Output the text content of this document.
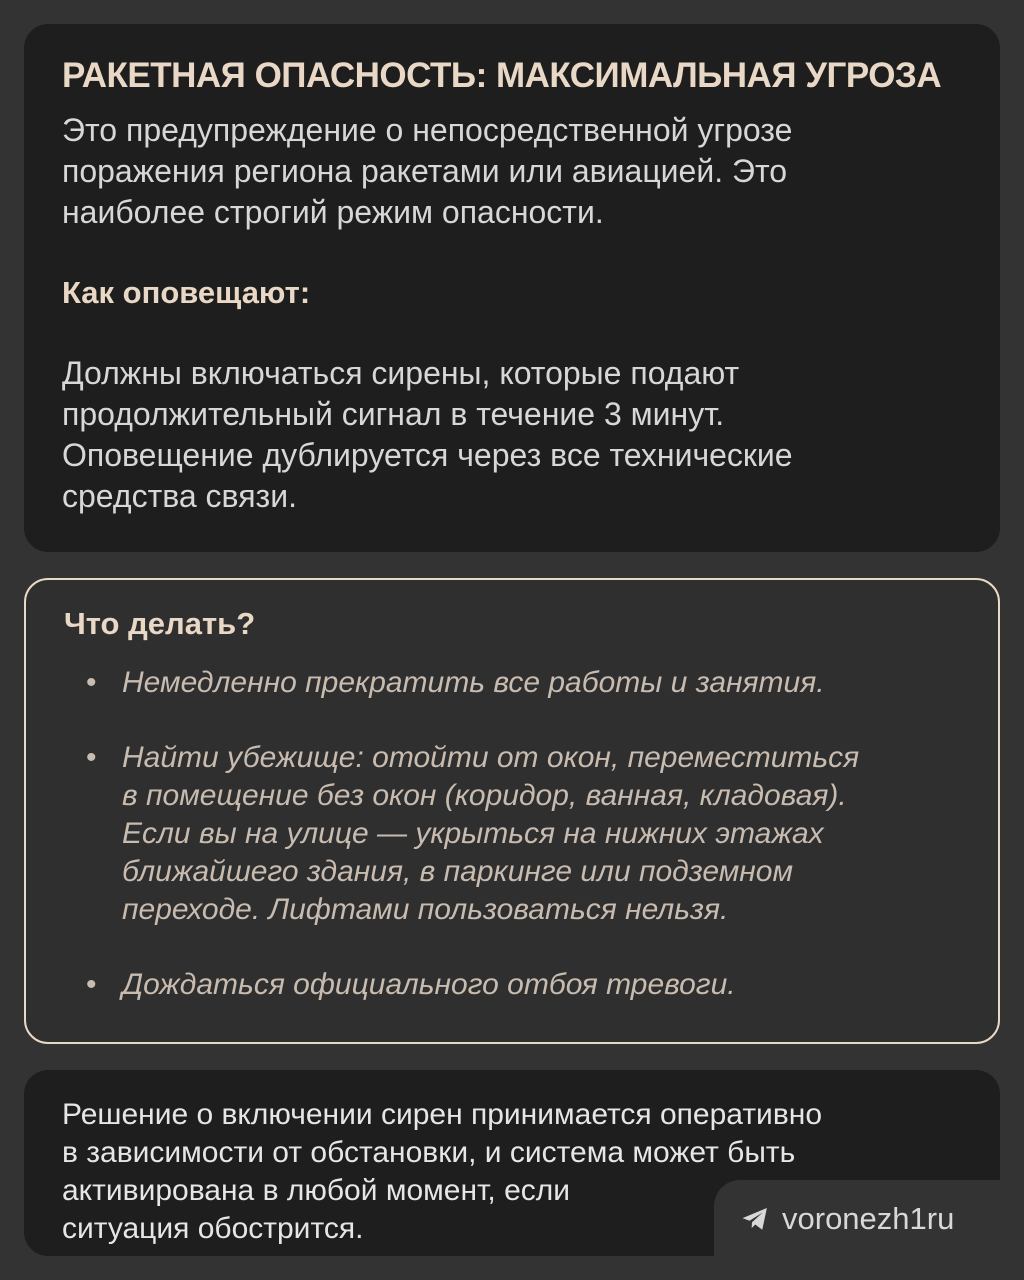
РАКЕТНАЯ ОПАСНОСТЬ: МАКСИМАЛЬНАЯ УГРОЗА

Это предупреждение о непосредственной угрозе
поражения региона ракетами или авиацией. Это
наиболее строгий режим опасности.

Как оповещают:

Должны включаться сирены, которые подают
продолжительный сигнал в течение 3 минут.
Оповещение дублируется через все технические
средства связи.

Что делать?
• Немедленно прекратить все работы и занятия.
• Найти убежище: отойти от окон, переместиться
в помещение без окон (коридор, ванная, кладовая).
Если вы на улице — укрыться на нижних этажах
ближайшего здания, в паркинге или подземном
переходе. Лифтами пользоваться нельзя.
• Дождаться официального отбоя тревоги.

Решение о включении сирен принимается оперативно
в зависимости от обстановки, и система может быть
активирована в любой момент, если
ситуация обострится.	voronezh1ru
